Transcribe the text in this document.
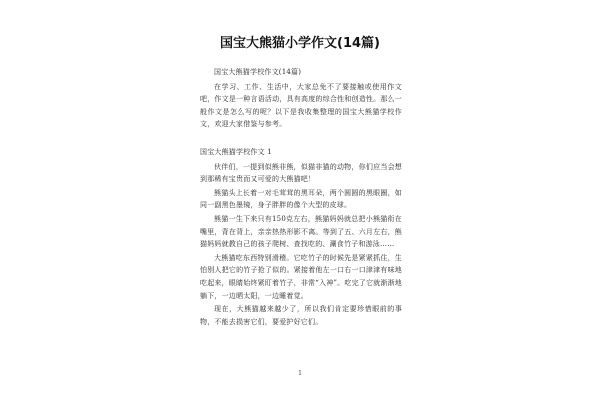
国宝大熊猫小学作文(14篇)

国宝大熊猫学校作文(14篇)

在学习、工作、生活中，大家总免不了要接触或使用作文吧，作文是一种言语活动，具有高度的综合性和创造性。那么一般作文是怎么写的呢？以下是我收集整理的国宝大熊猫学校作文，欢迎大家借鉴与参考。

国宝大熊猫学校作文 1

伙伴们，一提到似熊非熊，似猫非猫的动物，你们应当会想到那稀有宝贵而又可爱的大熊猫吧！

熊猫头上长着一对毛茸茸的黑耳朵，两个圆圆的黑眼圈，如同一副黑色墨镜，身子胖胖的像个大型的皮球。

熊猫一生下来只有150克左右，熊猫妈妈就总把小熊猫衔在嘴里，背在背上，亲亲热热形影不离。等到了五、六月左右，熊猫妈妈就教自己的孩子爬树、查找吃的、涮食竹子和游泳……

大熊猫吃东西特别滑稽。它吃竹子的时候先是紧紧抓住，生怕别人把它的竹子抢了似的。紧接着他左一口右一口津津有味地吃起来，眼睛始终紧盯着竹子，非常“入神”。吃完了它就渐渐地躺下，一边晒太阳，一边睡着觉。

现在，大熊猫越来越少了，所以我们肯定要珍惜眼前的事物，不能去损害它们，要爱护好它们。

1
